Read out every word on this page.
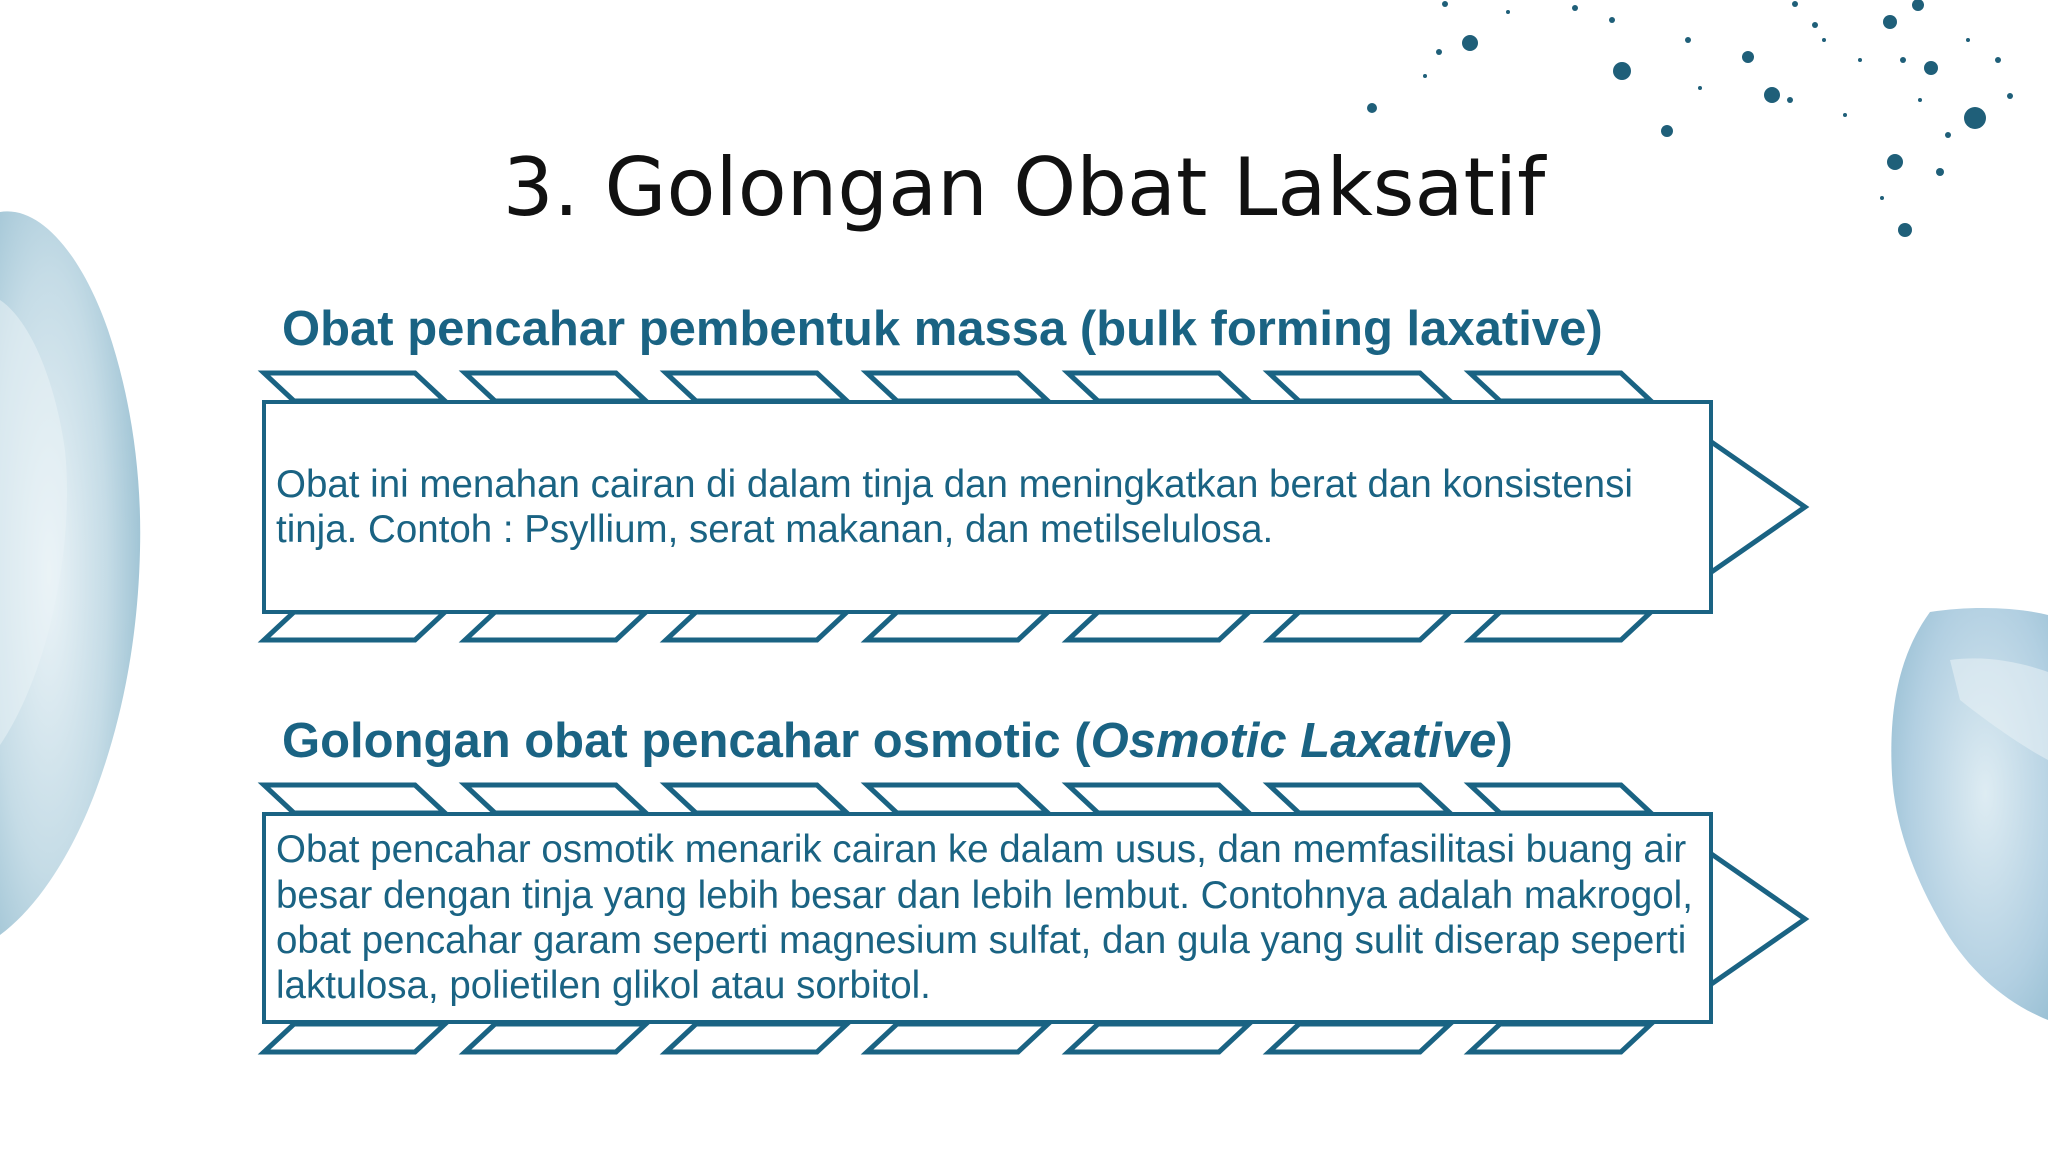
3. Golongan Obat Laksatif
Obat pencahar pembentuk massa (bulk forming laxative)
Obat ini menahan cairan di dalam tinja dan meningkatkan berat dan konsistensi tinja. Contoh : Psyllium, serat makanan, dan metilselulosa.
Golongan obat pencahar osmotic (Osmotic Laxative)
Obat pencahar osmotik menarik cairan ke dalam usus, dan memfasilitasi buang air besar dengan tinja yang lebih besar dan lebih lembut. Contohnya adalah makrogol, obat pencahar garam seperti magnesium sulfat, dan gula yang sulit diserap seperti laktulosa, polietilen glikol atau sorbitol.
